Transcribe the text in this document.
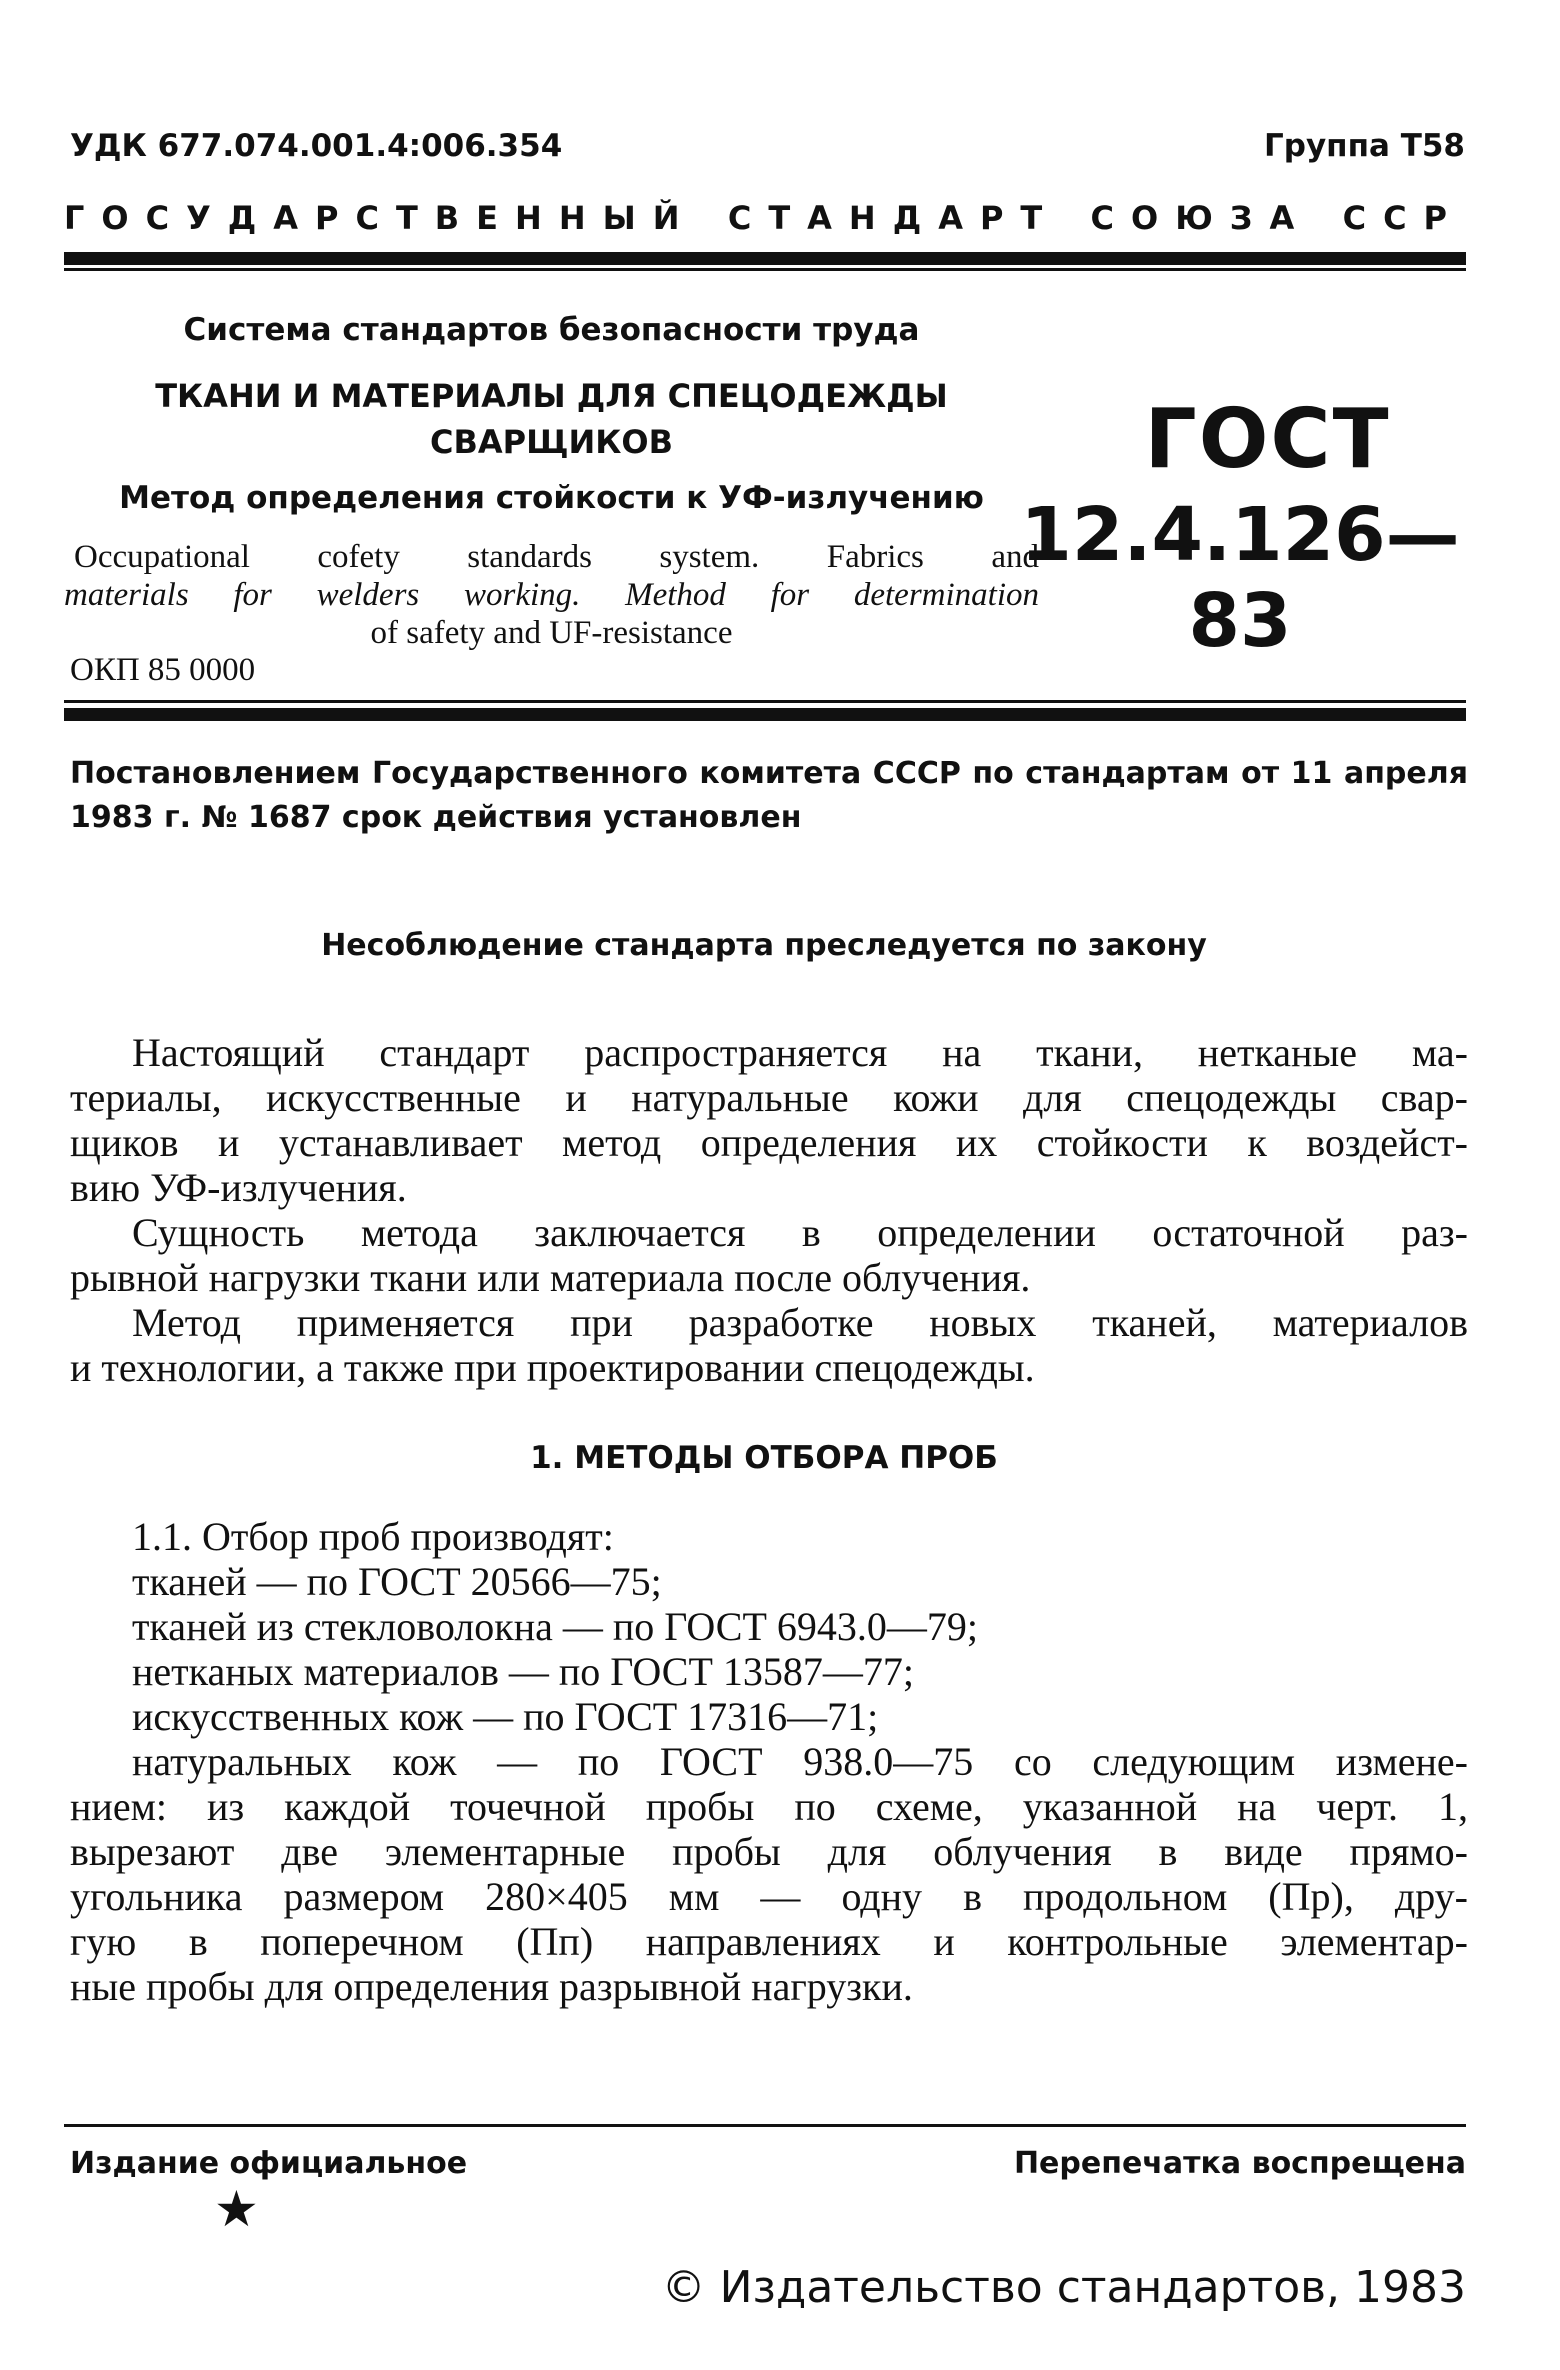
УДК 677.074.001.4:006.354	Группа Т58
ГОСУДАРСТВЕННЫЙ СТАНДАРТ СОЮЗА ССР
Система стандартов безопасности труда
ТКАНИ И МАТЕРИАЛЫ ДЛЯ СПЕЦОДЕЖДЫ
СВАРЩИКОВ
Метод определения стойкости к УФ-излучению
Occupational cofety standards system. Fabrics and
materials for welders working. Method for determination
of safety and UF-resistance
ОКП 85 0000
ГОСТ
12.4.126—83
Постановлением Государственного комитета СССР по стандартам от 11 апреля
1983 г. № 1687 срок действия установлен
Несоблюдение стандарта преследуется по закону
Настоящий стандарт распространяется на ткани, нетканые ма-
териалы, искусственные и натуральные кожи для спецодежды свар-
щиков и устанавливает метод определения их стойкости к воздейст-
вию УФ-излучения.
Сущность метода заключается в определении остаточной раз-
рывной нагрузки ткани или материала после облучения.
Метод применяется при разработке новых тканей, материалов
и технологии, а также при проектировании спецодежды.
1. МЕТОДЫ ОТБОРА ПРОБ
1.1. Отбор проб производят:
тканей — по ГОСТ 20566—75;
тканей из стекловолокна — по ГОСТ 6943.0—79;
нетканых материалов — по ГОСТ 13587—77;
искусственных кож — по ГОСТ 17316—71;
натуральных кож — по ГОСТ 938.0—75 со следующим измене-
нием: из каждой точечной пробы по схеме, указанной на черт. 1,
вырезают две элементарные пробы для облучения в виде прямо-
угольника размером 280×405 мм — одну в продольном (Пр), дру-
гую в поперечном (Пп) направлениях и контрольные элементар-
ные пробы для определения разрывной нагрузки.
Издание официальное	Перепечатка воспрещена
★
© Издательство стандартов, 1983
